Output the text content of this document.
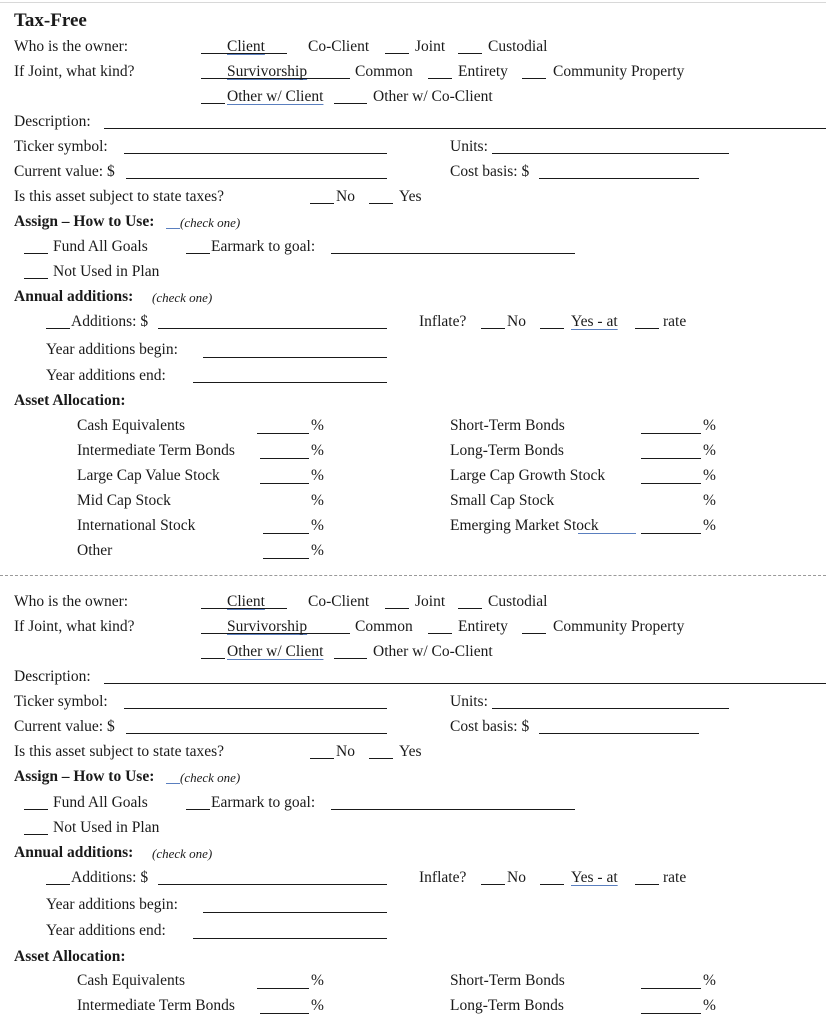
Tax-Free
Who is the owner:	Client	Co-Client	Joint	Custodial
If Joint, what kind?	Survivorship	Common	Entirety	Community Property
Other w/ Client	Other w/ Co-Client
Description:
Ticker symbol:	Units:
Current value: $	Cost basis: $
Is this asset subject to state taxes?	No	Yes
Assign – How to Use: (check one)
Fund All Goals	Earmark to goal:
Not Used in Plan
Annual additions: (check one)
Additions: $	Inflate?	No	Yes - at	rate
Year additions begin:
Year additions end:
Asset Allocation:
Cash Equivalents	%	Short-Term Bonds	%
Intermediate Term Bonds	%	Long-Term Bonds	%
Large Cap Value Stock	%	Large Cap Growth Stock	%
Mid Cap Stock	%	Small Cap Stock	%
International Stock	%	Emerging Market Stock	%
Other	%
Who is the owner:	Client	Co-Client	Joint	Custodial
If Joint, what kind?	Survivorship	Common	Entirety	Community Property
Other w/ Client	Other w/ Co-Client
Description:
Ticker symbol:	Units:
Current value: $	Cost basis: $
Is this asset subject to state taxes?	No	Yes
Assign – How to Use: (check one)
Fund All Goals	Earmark to goal:
Not Used in Plan
Annual additions: (check one)
Additions: $	Inflate?	No	Yes - at	rate
Year additions begin:
Year additions end:
Asset Allocation:
Cash Equivalents	%	Short-Term Bonds	%
Intermediate Term Bonds	%	Long-Term Bonds	%
